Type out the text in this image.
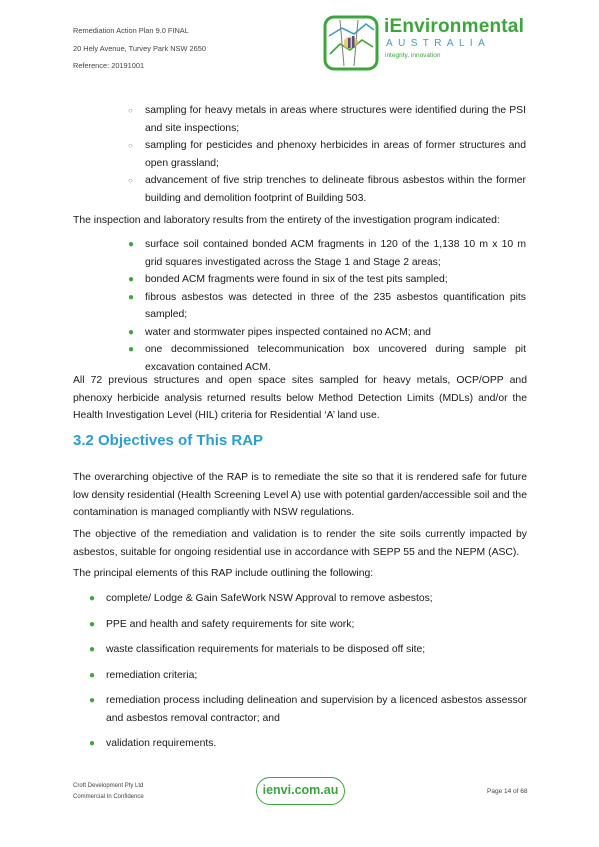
Remediation Action Plan 9.0 FINAL
20 Hely Avenue, Turvey Park NSW 2650
Reference: 20191001
iEnvironmental
AUSTRALIA
integrity, innovation
○ sampling for heavy metals in areas where structures were identified during the PSI and site inspections;
○ sampling for pesticides and phenoxy herbicides in areas of former structures and open grassland;
○ advancement of five strip trenches to delineate fibrous asbestos within the former building and demolition footprint of Building 503.

The inspection and laboratory results from the entirety of the investigation program indicated:

● surface soil contained bonded ACM fragments in 120 of the 1,138 10 m x 10 m grid squares investigated across the Stage 1 and Stage 2 areas;
● bonded ACM fragments were found in six of the test pits sampled;
● fibrous asbestos was detected in three of the 235 asbestos quantification pits sampled;
● water and stormwater pipes inspected contained no ACM; and
● one decommissioned telecommunication box uncovered during sample pit excavation contained ACM.

All 72 previous structures and open space sites sampled for heavy metals, OCP/OPP and phenoxy herbicide analysis returned results below Method Detection Limits (MDLs) and/or the Health Investigation Level (HIL) criteria for Residential ‘A’ land use.

3.2 Objectives of This RAP

The overarching objective of the RAP is to remediate the site so that it is rendered safe for future low density residential (Health Screening Level A) use with potential garden/accessible soil and the contamination is managed compliantly with NSW regulations.

The objective of the remediation and validation is to render the site soils currently impacted by asbestos, suitable for ongoing residential use in accordance with SEPP 55 and the NEPM (ASC).

The principal elements of this RAP include outlining the following:

● complete/ Lodge & Gain SafeWork NSW Approval to remove asbestos;
● PPE and health and safety requirements for site work;
● waste classification requirements for materials to be disposed off site;
● remediation criteria;
● remediation process including delineation and supervision by a licenced asbestos assessor and asbestos removal contractor; and
● validation requirements.
Croft Development Pty Ltd
Commercial In Confidence	ienvi.com.au	Page 14 of 68
